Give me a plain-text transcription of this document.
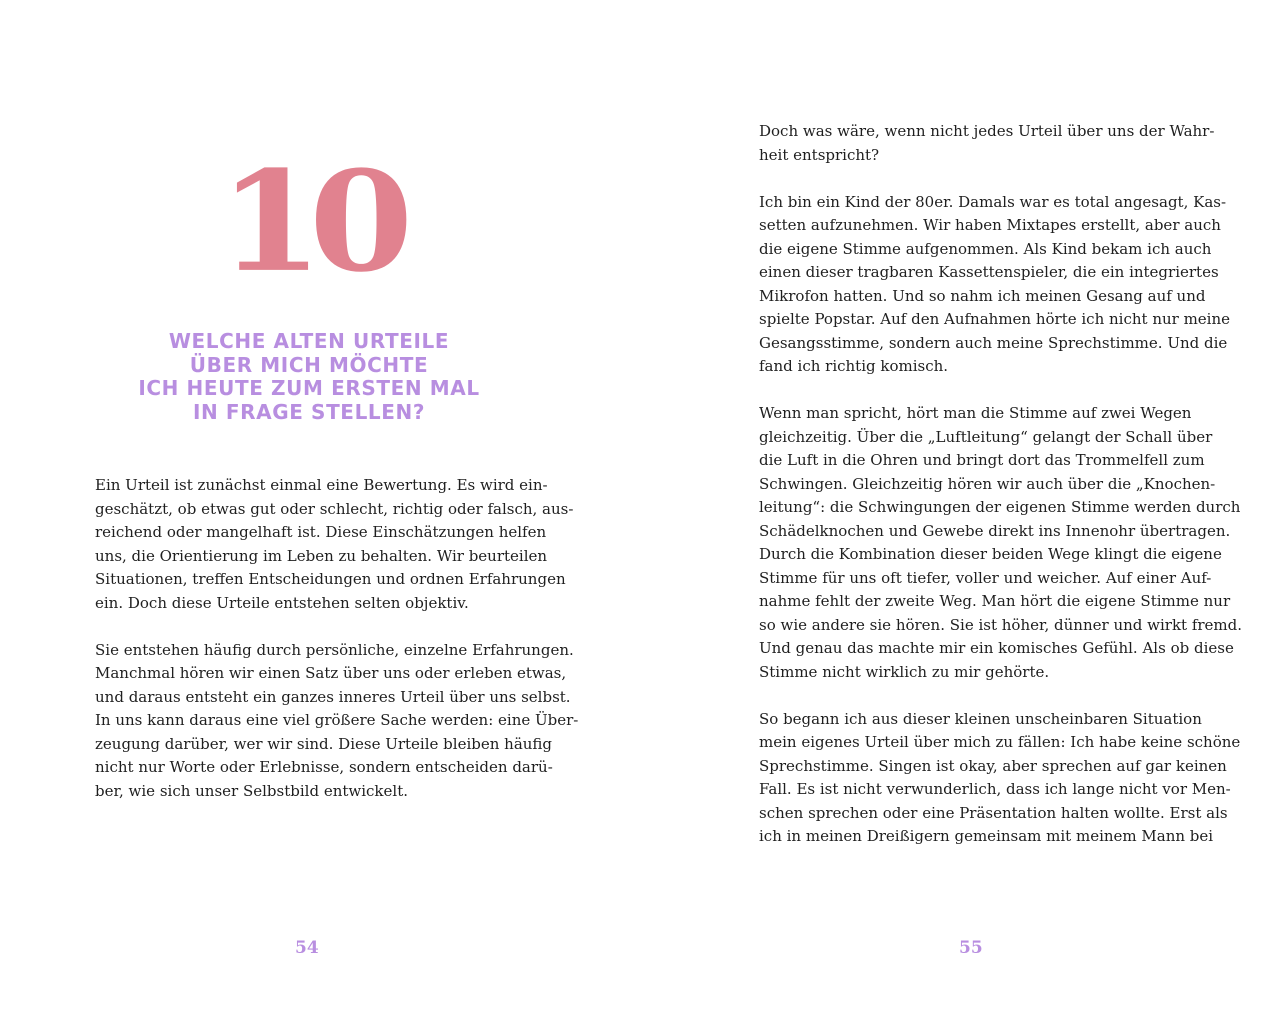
10
WELCHE ALTEN URTEILE
ÜBER MICH MÖCHTE
ICH HEUTE ZUM ERSTEN MAL
IN FRAGE STELLEN?
Ein Urteil ist zunächst einmal eine Bewertung. Es wird ein-
geschätzt, ob etwas gut oder schlecht, richtig oder falsch, aus-
reichend oder mangelhaft ist. Diese Einschätzungen helfen
uns, die Orientierung im Leben zu behalten. Wir beurteilen
Situationen, treffen Entscheidungen und ordnen Erfahrungen
ein. Doch diese Urteile entstehen selten objektiv.
Sie entstehen häufig durch persönliche, einzelne Erfahrungen.
Manchmal hören wir einen Satz über uns oder erleben etwas,
und daraus entsteht ein ganzes inneres Urteil über uns selbst.
In uns kann daraus eine viel größere Sache werden: eine Über-
zeugung darüber, wer wir sind. Diese Urteile bleiben häufig
nicht nur Worte oder Erlebnisse, sondern entscheiden darü-
ber, wie sich unser Selbstbild entwickelt.
54
Doch was wäre, wenn nicht jedes Urteil über uns der Wahr-
heit entspricht?
Ich bin ein Kind der 80er. Damals war es total angesagt, Kas-
setten aufzunehmen. Wir haben Mixtapes erstellt, aber auch
die eigene Stimme aufgenommen. Als Kind bekam ich auch
einen dieser tragbaren Kassettenspieler, die ein integriertes
Mikrofon hatten. Und so nahm ich meinen Gesang auf und
spielte Popstar. Auf den Aufnahmen hörte ich nicht nur meine
Gesangsstimme, sondern auch meine Sprechstimme. Und die
fand ich richtig komisch.
Wenn man spricht, hört man die Stimme auf zwei Wegen
gleichzeitig. Über die „Luftleitung“ gelangt der Schall über
die Luft in die Ohren und bringt dort das Trommelfell zum
Schwingen. Gleichzeitig hören wir auch über die „Knochen-
leitung“: die Schwingungen der eigenen Stimme werden durch
Schädelknochen und Gewebe direkt ins Innenohr übertragen.
Durch die Kombination dieser beiden Wege klingt die eigene
Stimme für uns oft tiefer, voller und weicher. Auf einer Auf-
nahme fehlt der zweite Weg. Man hört die eigene Stimme nur
so wie andere sie hören. Sie ist höher, dünner und wirkt fremd.
Und genau das machte mir ein komisches Gefühl. Als ob diese
Stimme nicht wirklich zu mir gehörte.
So begann ich aus dieser kleinen unscheinbaren Situation
mein eigenes Urteil über mich zu fällen: Ich habe keine schöne
Sprechstimme. Singen ist okay, aber sprechen auf gar keinen
Fall. Es ist nicht verwunderlich, dass ich lange nicht vor Men-
schen sprechen oder eine Präsentation halten wollte. Erst als
ich in meinen Dreißigern gemeinsam mit meinem Mann bei
55
